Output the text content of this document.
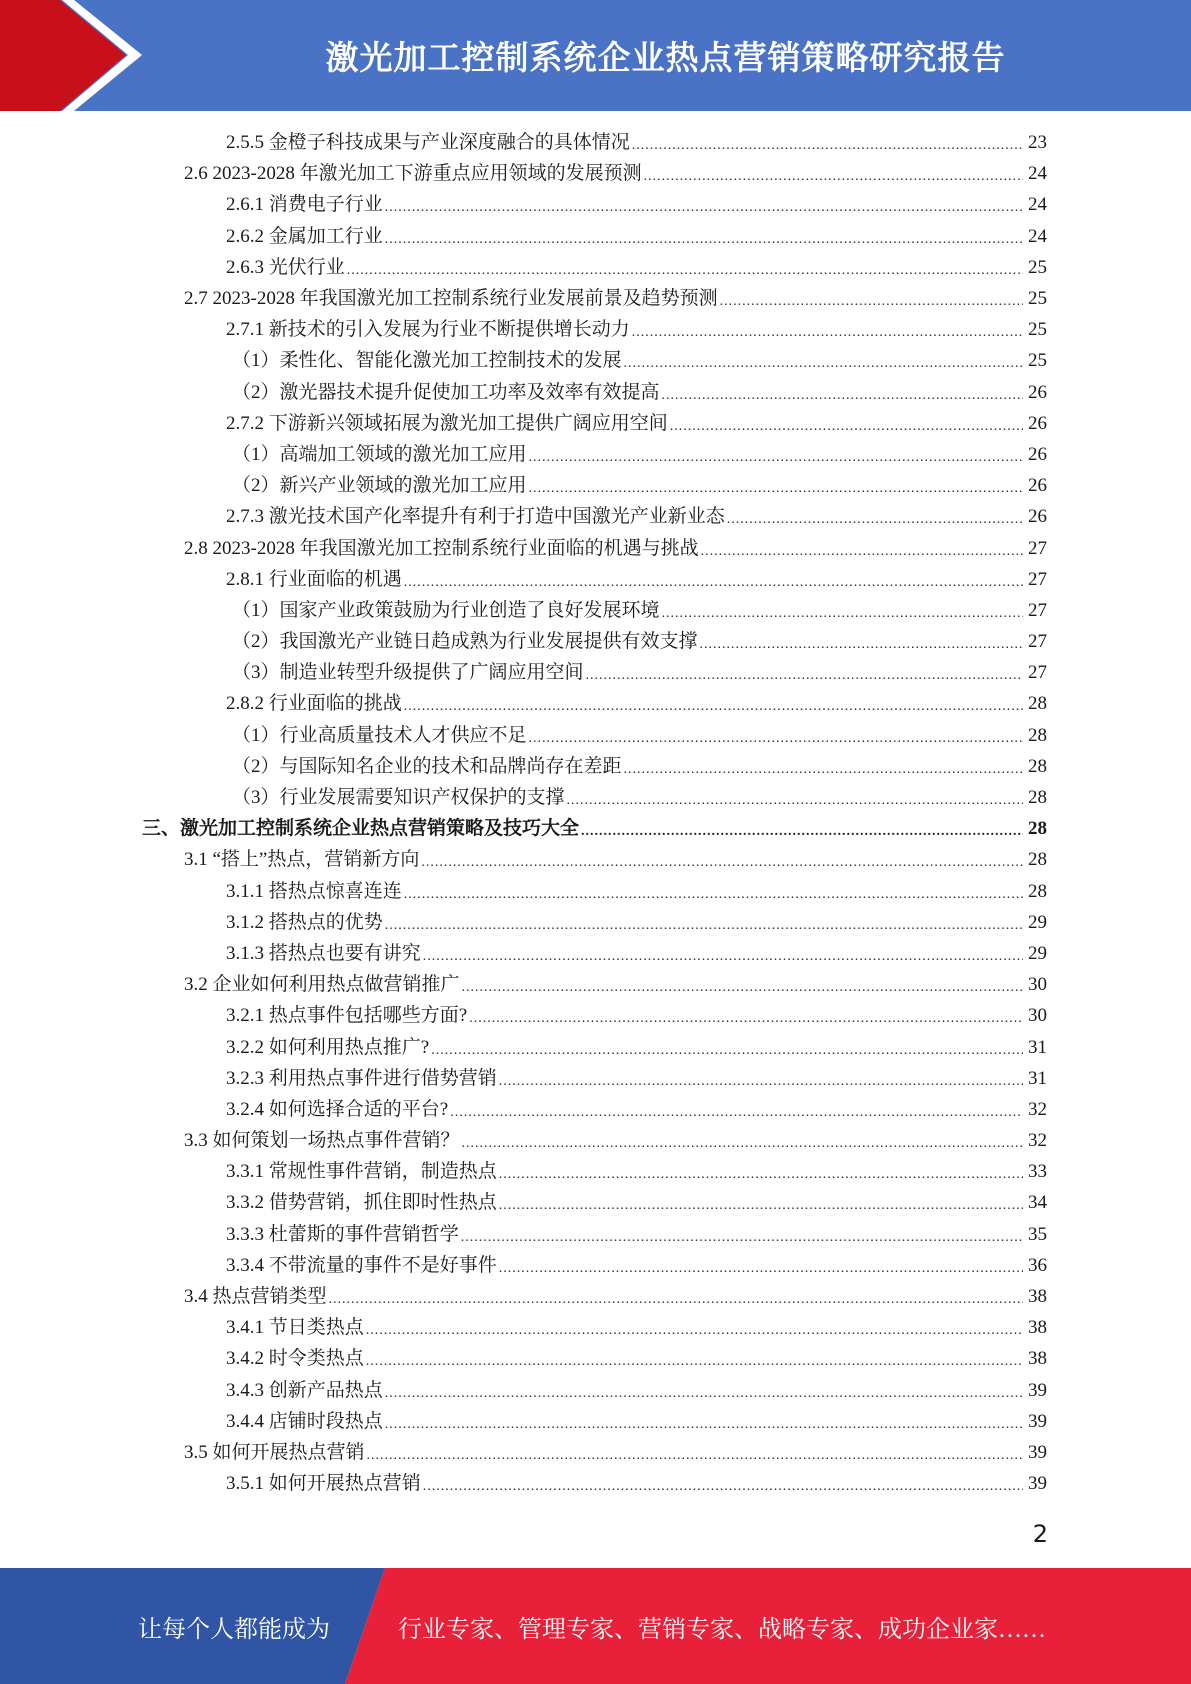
激光加工控制系统企业热点营销策略研究报告
2.5.5 金橙子科技成果与产业深度融合的具体情况 .....	23
2.6 2023-2028 年激光加工下游重点应用领域的发展预测 .....	24
2.6.1 消费电子行业 .....	24
2.6.2 金属加工行业 .....	24
2.6.3 光伏行业 .....	25
2.7 2023-2028 年我国激光加工控制系统行业发展前景及趋势预测 .....	25
2.7.1 新技术的引入发展为行业不断提供增长动力 .....	25
（1）柔性化、智能化激光加工控制技术的发展 .....	25
（2）激光器技术提升促使加工功率及效率有效提高 .....	26
2.7.2 下游新兴领域拓展为激光加工提供广阔应用空间 .....	26
（1）高端加工领域的激光加工应用 .....	26
（2）新兴产业领域的激光加工应用 .....	26
2.7.3 激光技术国产化率提升有利于打造中国激光产业新业态 .....	26
2.8 2023-2028 年我国激光加工控制系统行业面临的机遇与挑战 .....	27
2.8.1 行业面临的机遇 .....	27
（1）国家产业政策鼓励为行业创造了良好发展环境 .....	27
（2）我国激光产业链日趋成熟为行业发展提供有效支撑 .....	27
（3）制造业转型升级提供了广阔应用空间 .....	27
2.8.2 行业面临的挑战 .....	28
（1）行业高质量技术人才供应不足 .....	28
（2）与国际知名企业的技术和品牌尚存在差距 .....	28
（3）行业发展需要知识产权保护的支撑 .....	28
三、激光加工控制系统企业热点营销策略及技巧大全 .....	28
3.1 “搭上”热点，营销新方向 .....	28
3.1.1 搭热点惊喜连连 .....	28
3.1.2 搭热点的优势 .....	29
3.1.3 搭热点也要有讲究 .....	29
3.2 企业如何利用热点做营销推广 .....	30
3.2.1 热点事件包括哪些方面? .....	30
3.2.2 如何利用热点推广? .....	31
3.2.3 利用热点事件进行借势营销 .....	31
3.2.4 如何选择合适的平台? .....	32
3.3 如何策划一场热点事件营销？ .....	32
3.3.1 常规性事件营销，制造热点 .....	33
3.3.2 借势营销，抓住即时性热点 .....	34
3.3.3 杜蕾斯的事件营销哲学 .....	35
3.3.4 不带流量的事件不是好事件 .....	36
3.4 热点营销类型 .....	38
3.4.1 节日类热点 .....	38
3.4.2 时令类热点 .....	38
3.4.3 创新产品热点 .....	39
3.4.4 店铺时段热点 .....	39
3.5 如何开展热点营销 .....	39
3.5.1 如何开展热点营销 .....	39
2
让每个人都能成为	行业专家、管理专家、营销专家、战略专家、成功企业家……
